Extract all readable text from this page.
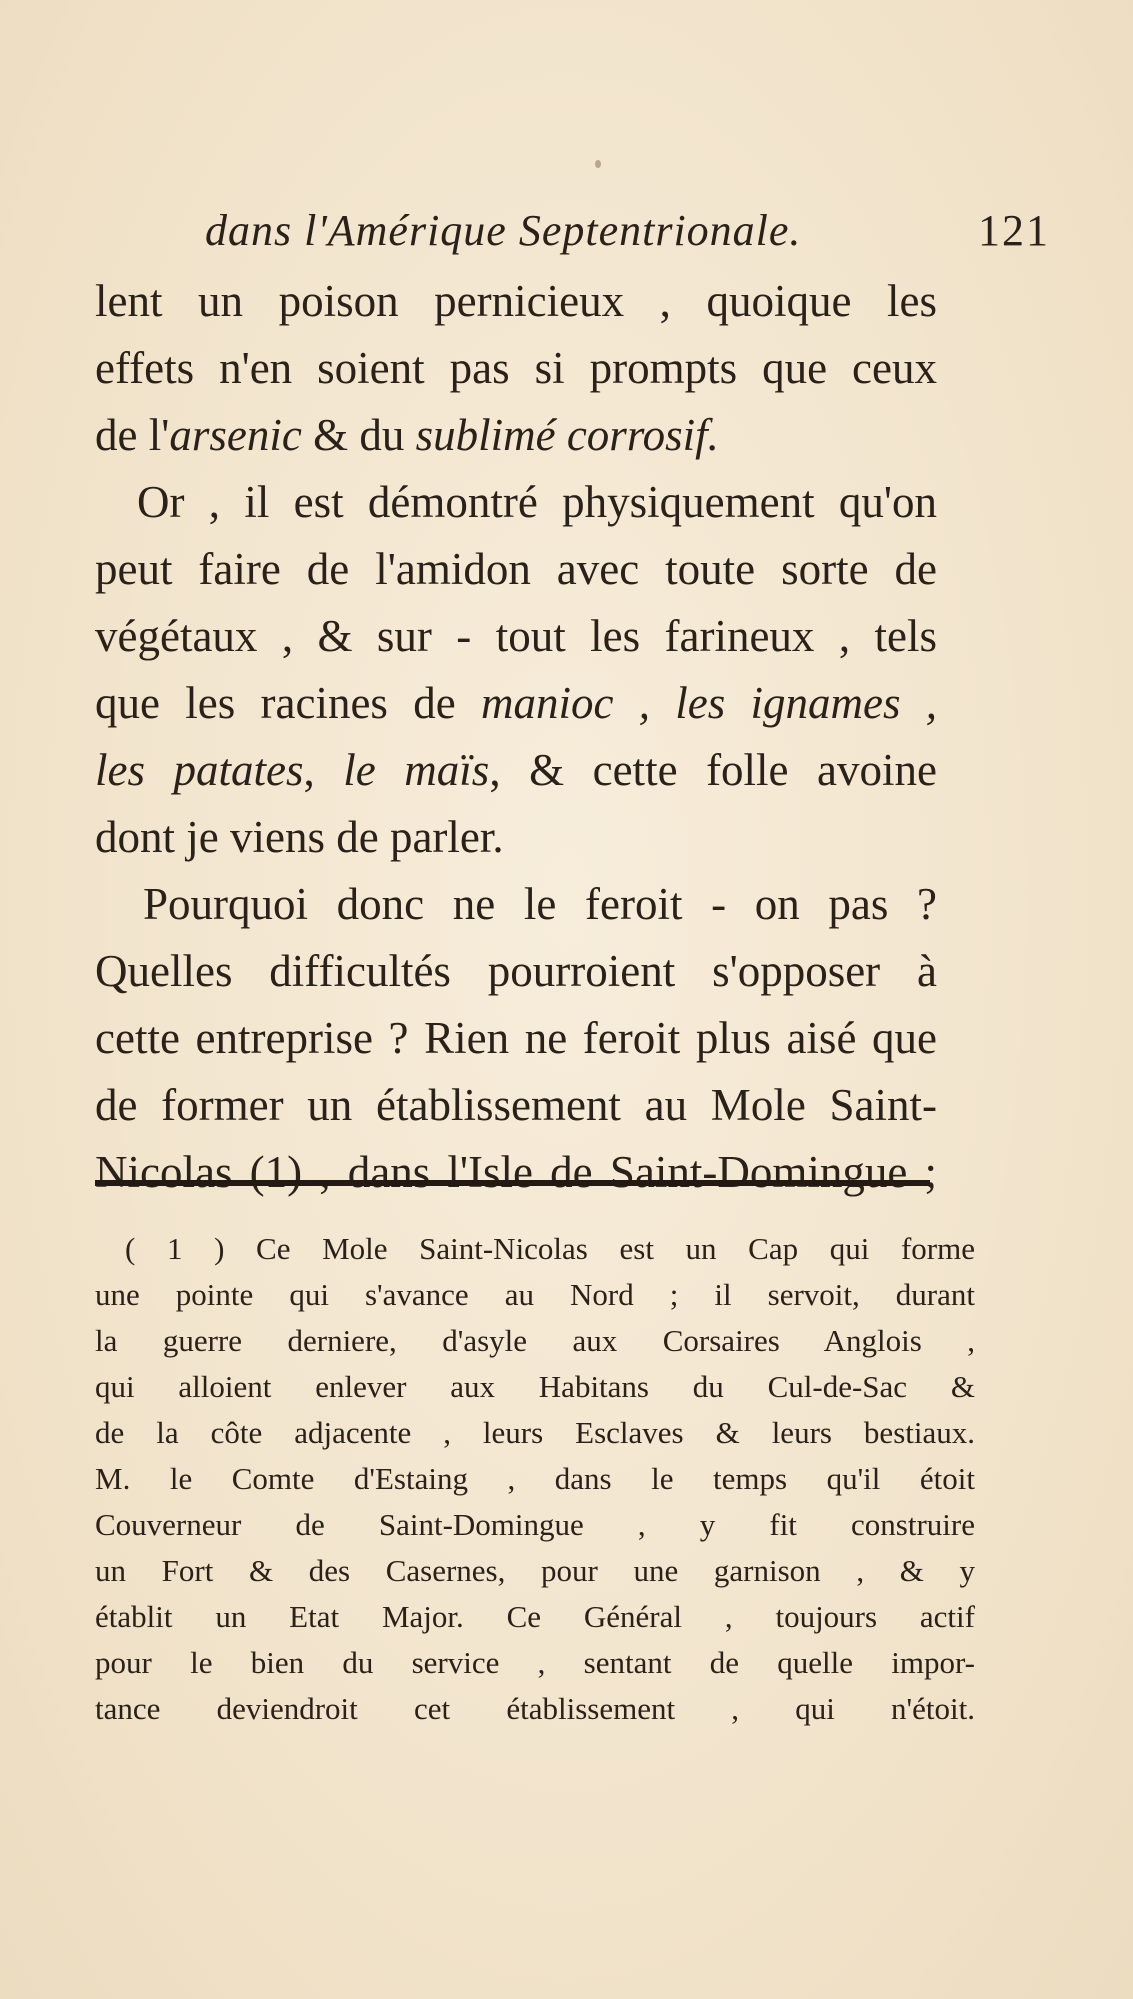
dans l'Amérique Septentrionale.	121
lent un poison pernicieux , quoique les
effets n'en soient pas si prompts que ceux
de l'arsenic & du sublimé corrosif.
Or , il est démontré physiquement qu'on
peut faire de l'amidon avec toute sorte de
végétaux , & sur - tout les farineux , tels
que les racines de manioc , les ignames ,
les patates, le maïs, & cette folle avoine
dont je viens de parler.
Pourquoi donc ne le feroit - on pas ?
Quelles difficultés pourroient s'opposer à
cette entreprise ? Rien ne feroit plus aisé que
de former un établissement au Mole Saint-
Nicolas (1) , dans l'Isle de Saint-Domingue ;
( 1 ) Ce Mole Saint-Nicolas est un Cap qui forme
une pointe qui s'avance au Nord ; il servoit, durant
la guerre derniere, d'asyle aux Corsaires Anglois ,
qui alloient enlever aux Habitans du Cul-de-Sac &
de la côte adjacente , leurs Esclaves & leurs bestiaux.
M. le Comte d'Estaing , dans le temps qu'il étoit
Couverneur de Saint-Domingue , y fit construire
un Fort & des Casernes, pour une garnison , & y
établit un Etat Major. Ce Général , toujours actif
pour le bien du service , sentant de quelle impor-
tance deviendroit cet établissement , qui n'étoit.
